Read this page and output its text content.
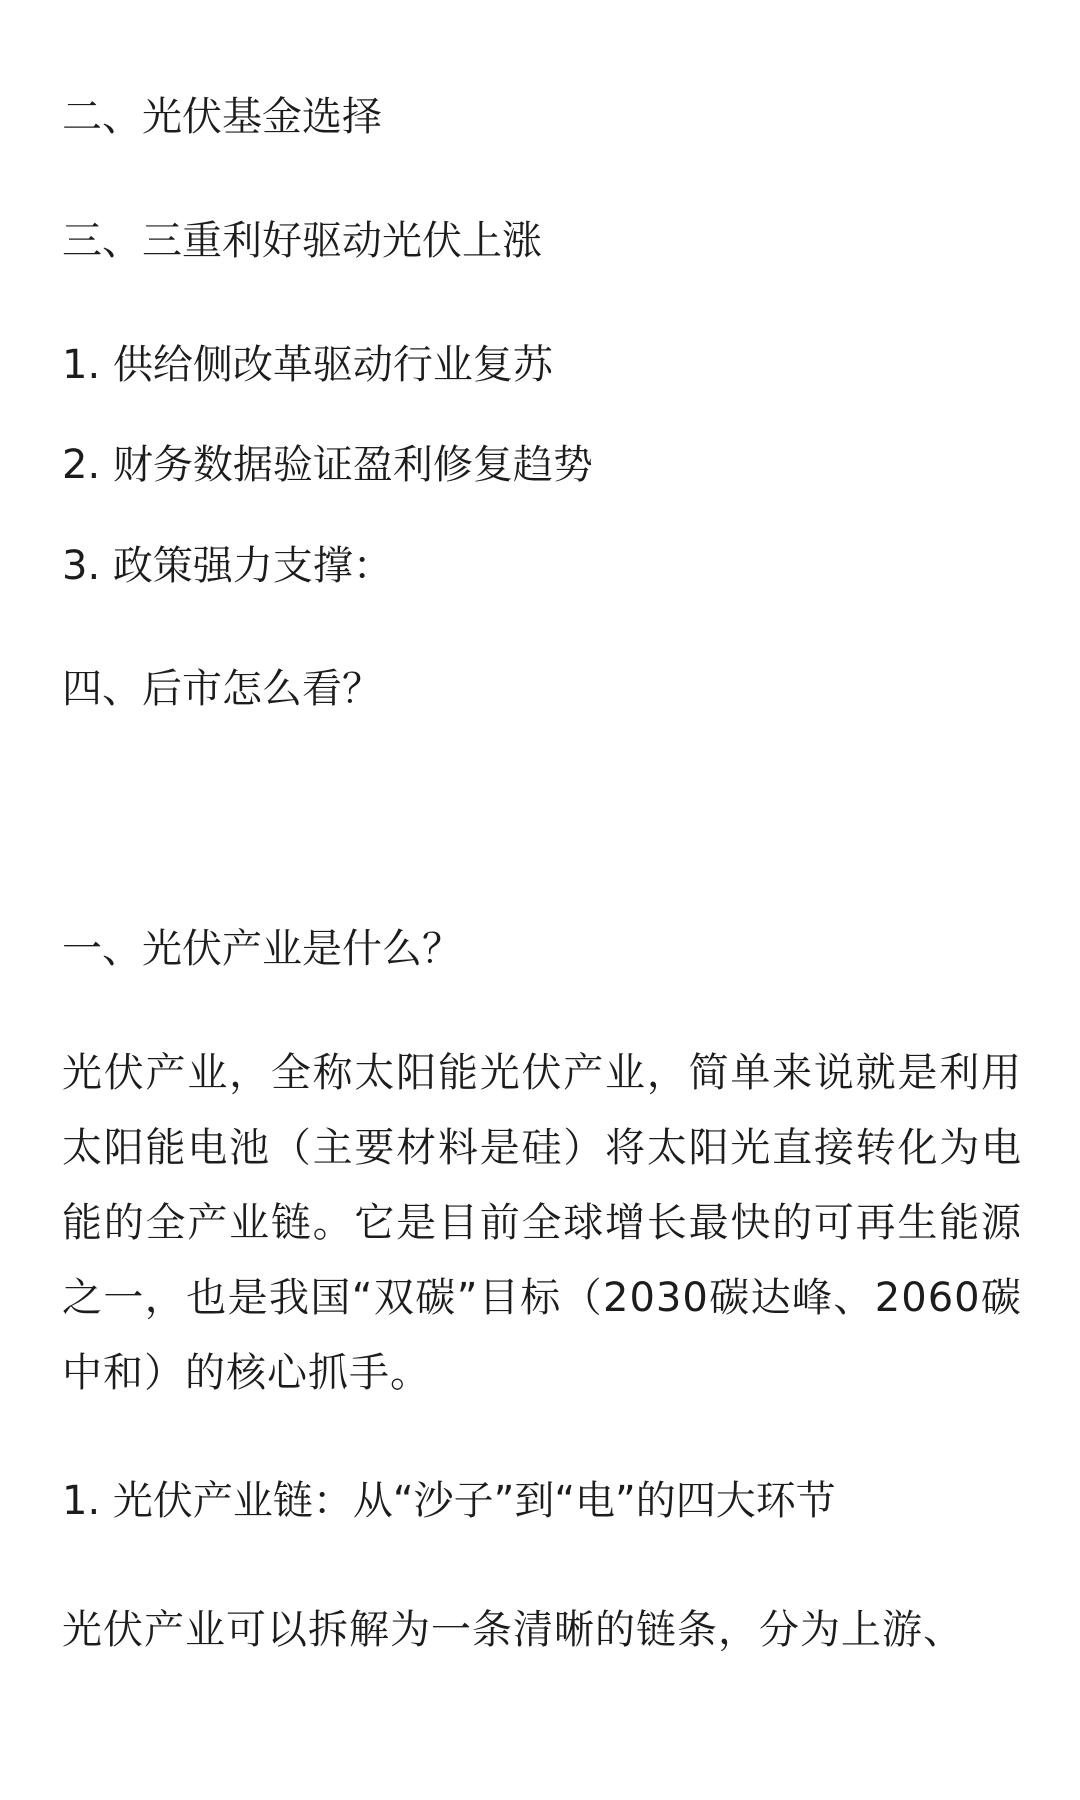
二、光伏基金选择
三、三重利好驱动光伏上涨

1. 供给侧改革驱动行业复苏

2. 财务数据验证盈利修复趋势

3. 政策强力支撑：

四、后市怎么看？
一、光伏产业是什么？

光伏产业，全称太阳能光伏产业，简单来说就是利用太阳能电池（主要材料是硅）将太阳光直接转化为电能的全产业链。它是目前全球增长最快的可再生能源之一，也是我国“双碳”目标（2030碳达峰、2060碳中和）的核心抓手。

1. 光伏产业链：从“沙子”到“电”的四大环节

光伏产业可以拆解为一条清晰的链条，分为上游、
